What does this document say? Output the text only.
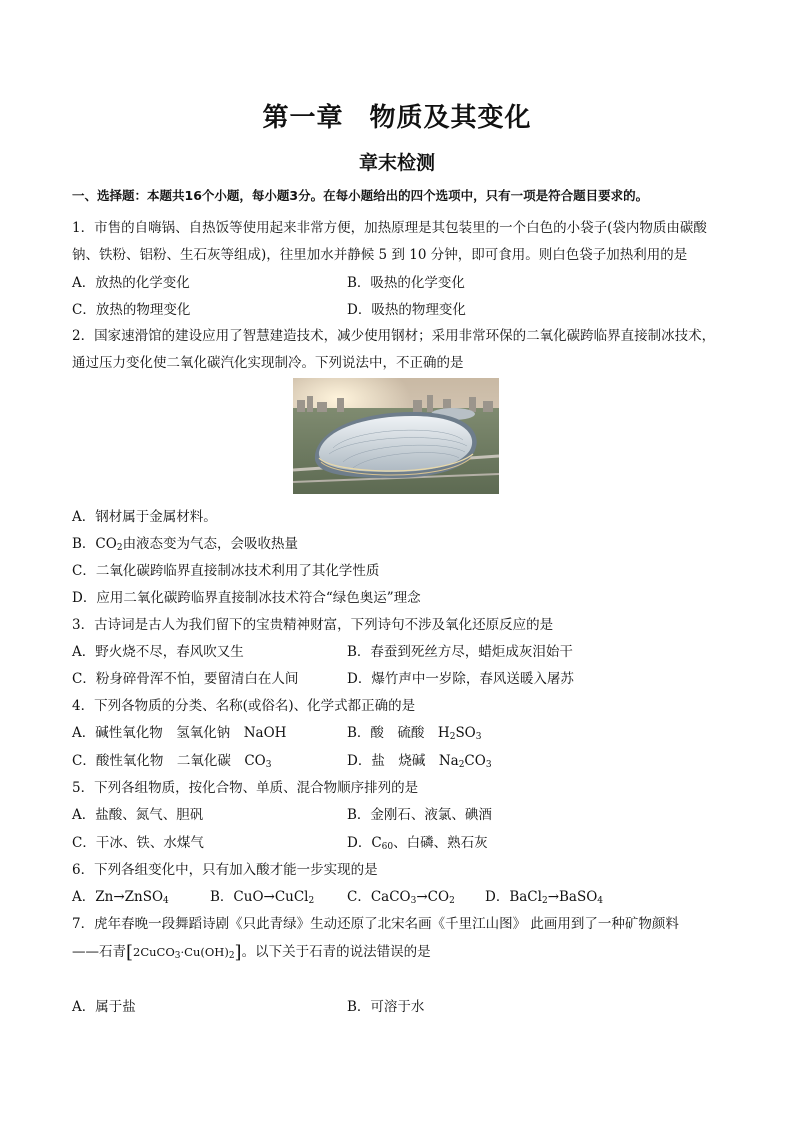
第一章 物质及其变化
章末检测
一、选择题：本题共16个小题，每小题3分。在每小题给出的四个选项中，只有一项是符合题目要求的。
1．市售的自嗨锅、自热饭等使用起来非常方便，加热原理是其包装里的一个白色的小袋子(袋内物质由碳酸
钠、铁粉、铝粉、生石灰等组成)，往里加水并静候 5 到 10 分钟，即可食用。则白色袋子加热利用的是
A．放热的化学变化	B．吸热的化学变化
C．放热的物理变化	D．吸热的物理变化
2．国家速滑馆的建设应用了智慧建造技术，减少使用钢材；采用非常环保的二氧化碳跨临界直接制冰技术，
通过压力变化使二氧化碳汽化实现制冷。下列说法中，不正确的是
A．钢材属于金属材料。
B．$CO_2$由液态变为气态，会吸收热量
C．二氧化碳跨临界直接制冰技术利用了其化学性质
D．应用二氧化碳跨临界直接制冰技术符合“绿色奥运”理念
3．古诗词是古人为我们留下的宝贵精神财富，下列诗句不涉及氧化还原反应的是
A．野火烧不尽，春风吹又生	B．春蚕到死丝方尽，蜡炬成灰泪始干
C．粉身碎骨浑不怕，要留清白在人间	D．爆竹声中一岁除，春风送暖入屠苏
4．下列各物质的分类、名称(或俗名)、化学式都正确的是
A．碱性氧化物　氢氧化钠　NaOH	B．酸　硫酸　$H_2SO_3$
C．酸性氧化物　二氧化碳　$CO_3$	D．盐　烧碱　$Na_2CO_3$
5．下列各组物质，按化合物、单质、混合物顺序排列的是
A．盐酸、氮气、胆矾	B．金刚石、液氯、碘酒
C．干冰、铁、水煤气	D．$C_{60}$、白磷、熟石灰
6．下列各组变化中，只有加入酸才能一步实现的是
A．Zn→ZnSO$_4$	B．CuO→CuCl$_2$ C．$CaCO_3\to CO_2$ D．BaCl$_2$→BaSO$_4$
7．虎年春晚一段舞蹈诗剧《只此青绿》生动还原了北宋名画《千里江山图》 此画用到了一种矿物颜料
——石青$[2CuCO_3\cdot Cu(OH)_2]$。以下关于石青的说法错误的是
A．属于盐	B．可溶于水
